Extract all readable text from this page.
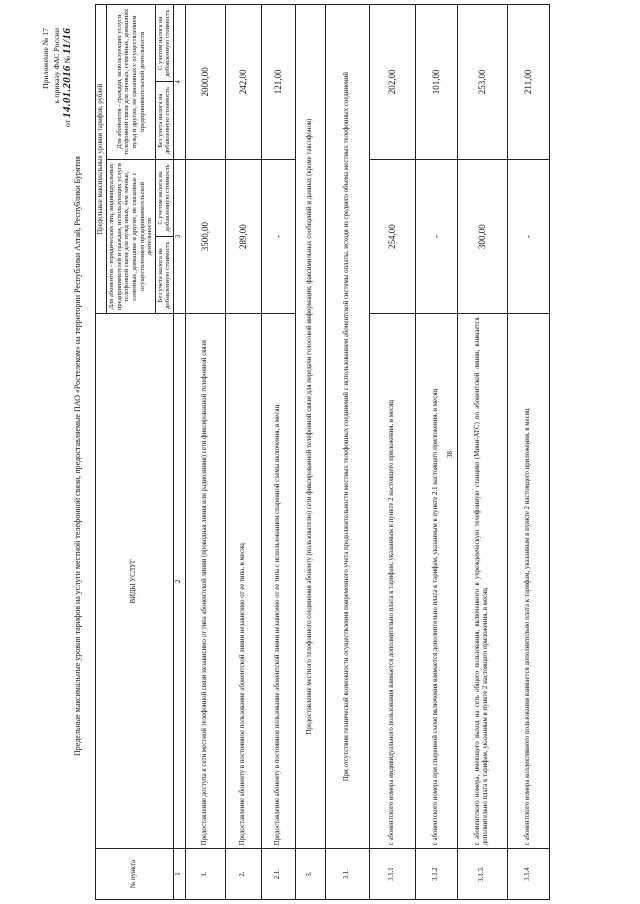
38
Приложение № 17 к приказу ФАС России
от 14.01.2016 № 11/16
Предельные максимальные уровни тарифов на услуги местной телефонной связи, предоставляемые ПАО «Ростелеком» на территории Республики Алтай, Республики Бурятия
№ пункта	ВИДЫ УСЛУГ	Предельные максимальные уровни тарифов, рублей			
		Для абонентов - юридических лиц, индивидуальных предпринимателей и граждан, использующих услуги телефонной связи для нужд иных, чем личные, семейные, домашние и другие, не связанные с осуществлением предпринимательской деятельности		Для абонентов - граждан, использующих услуги телефонной связи для личных, семейных, домашних нужд и других, не связанных с осуществлением предпринимательской деятельности	
		Без учета налога на добавленную стоимость	С учетом налога на добавленную стоимость	Без учета налога на добавленную стоимость	С учетом налога на добавленную стоимость
1	2	3		4	
1.	Предоставление доступа к сети местной телефонной связи независимо от типа абонентской линии (проводная линия или радиолиния) сети фиксированной телефонной связи	3500,00		2000,00	
2.	Предоставление абоненту в постоянное пользование абонентской линии независимо от ее типа, в месяц	289,00		242,00	
2.1.	Предоставление абоненту в постоянное пользование абонентской линии независимо от ее типа с использованием спаренной схемы включения, в месяц	-		121,00	
3.	Предоставление местного телефонного соединения абоненту (пользователю) сети фиксированной телефонной связи для передачи голосовой информации, факсимильных сообщений и данных (кроме таксофонов)				
3.1.	При отсутствии технической возможности осуществления повременного учета продолжительности местных телефонных соединений с использованием абонентской системы оплаты, исходя из среднего объема местных телефонных соединений				
3.1.1	с абонентского номера индивидуального пользования взимается дополнительно плата к тарифам, указанным в пункте 2 настоящего приложения, в месяц	254,00		202,00	
3.1.2	с абонентского номера при спаренной схеме включения взимается дополнительно плата к тарифам, указанным в пункте 2.1 настоящего приложения, в месяц	-		101,00	
3.1.3.	с абонентского номера, имеющего выход на сеть общего пользования, включенного в учрежденческую телефонную станцию (Мини-АТС) по абонентской линии, взимается дополнительно плата к тарифам, указанным в пункте 2 настоящего приложения, в месяц	300,00		253,00	
3.1.4	с абонентского номера коллективного пользования взимается дополнительно плата к тарифам, указанным в пункте 2 настоящего приложения, в месяц	-		211,00	
